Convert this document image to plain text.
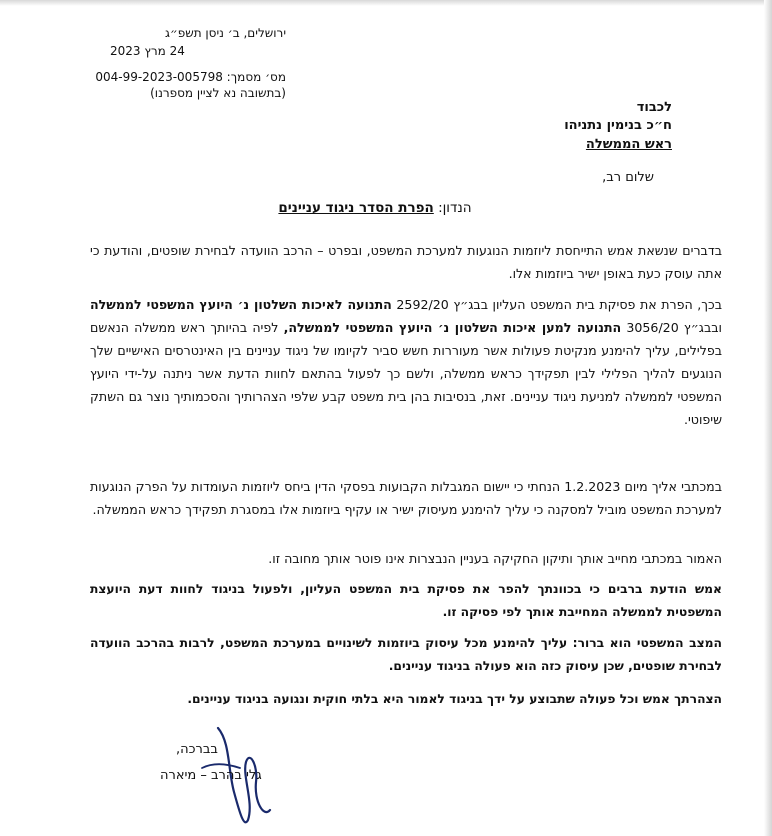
ירושלים, ב׳ ניסן תשפ״ג
24 מרץ 2023
מס׳ מסמך: 004-99-2023-005798
(בתשובה נא לציין מספרנו)
לכבוד
ח״כ בנימין נתניהו
ראש הממשלה
שלום רב,
הנדון: הפרת הסדר ניגוד עניינים
בדברים שנשאת אמש התייחסת ליוזמות הנוגעות למערכת המשפט, ובפרט – הרכב הוועדה לבחירת שופטים, והודעת כי אתה עוסק כעת באופן ישיר ביוזמות אלו.
בכך, הפרת את פסיקת בית המשפט העליון בבג״ץ 2592/20 התנועה לאיכות השלטון נ׳ היועץ המשפטי לממשלה ובבג״ץ 3056/20 התנועה למען איכות השלטון נ׳ היועץ המשפטי לממשלה, לפיה בהיותך ראש ממשלה הנאשם בפלילים, עליך להימנע מנקיטת פעולות אשר מעוררות חשש סביר לקיומו של ניגוד עניינים בין האינטרסים האישיים שלך הנוגעים להליך הפלילי לבין תפקידך כראש ממשלה, ולשם כך לפעול בהתאם לחוות הדעת אשר ניתנה על-ידי היועץ המשפטי לממשלה למניעת ניגוד עניינים. זאת, בנסיבות בהן בית משפט קבע שלפי הצהרותיך והסכמותיך נוצר גם השתק שיפוטי.
במכתבי אליך מיום 1.2.2023 הנחתי כי יישום המגבלות הקבועות בפסקי הדין ביחס ליוזמות העומדות על הפרק הנוגעות למערכת המשפט מוביל למסקנה כי עליך להימנע מעיסוק ישיר או עקיף ביוזמות אלו במסגרת תפקידך כראש הממשלה.
האמור במכתבי מחייב אותך ותיקון החקיקה בעניין הנבצרות אינו פוטר אותך מחובה זו.
אמש הודעת ברבים כי בכוונתך להפר את פסיקת בית המשפט העליון, ולפעול בניגוד לחוות דעת היועצת המשפטית לממשלה המחייבת אותך לפי פסיקה זו.
המצב המשפטי הוא ברור: עליך להימנע מכל עיסוק ביוזמות לשינויים במערכת המשפט, לרבות בהרכב הוועדה לבחירת שופטים, שכן עיסוק כזה הוא פעולה בניגוד עניינים.
הצהרתך אמש וכל פעולה שתבוצע על ידך בניגוד לאמור היא בלתי חוקית ונגועה בניגוד עניינים.
בברכה,
גלי בהרב – מיארה
